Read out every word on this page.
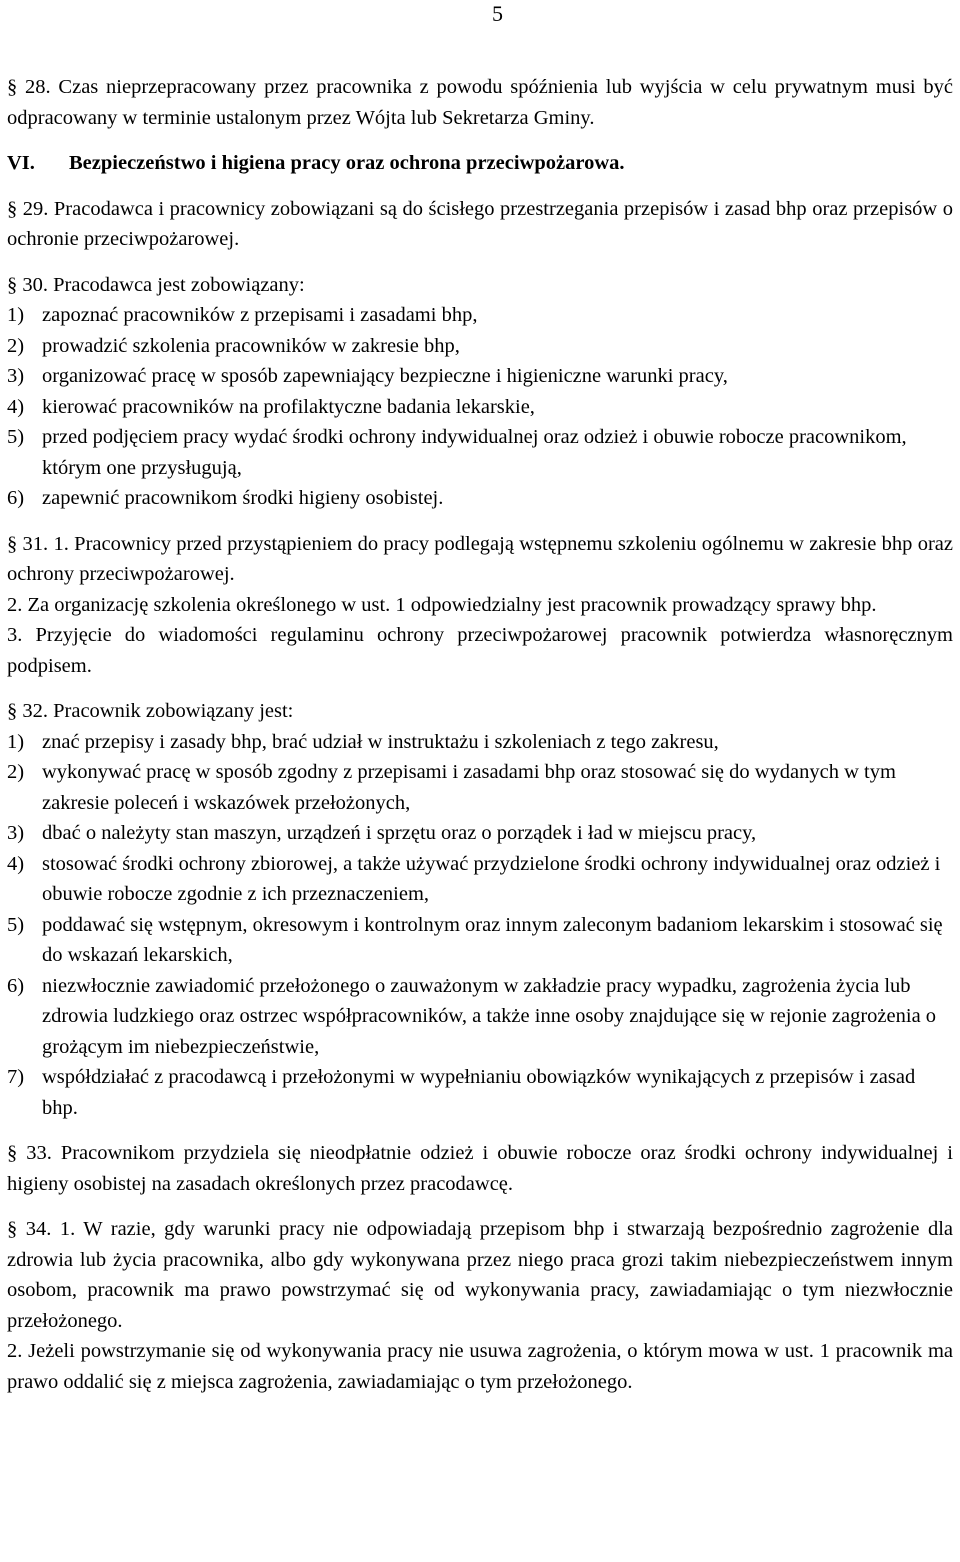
5

§ 28. Czas nieprzepracowany przez pracownika z powodu spóźnienia lub wyjścia w celu prywatnym musi być odpracowany w terminie ustalonym przez Wójta lub Sekretarza Gminy.

VI.	Bezpieczeństwo i higiena pracy oraz ochrona przeciwpożarowa.

§ 29. Pracodawca i pracownicy zobowiązani są do ścisłego przestrzegania przepisów i zasad bhp oraz przepisów o ochronie przeciwpożarowej.

§ 30. Pracodawca jest zobowiązany:

1) zapoznać pracowników z przepisami i zasadami bhp,
2) prowadzić szkolenia pracowników w zakresie bhp,
3) organizować pracę w sposób zapewniający bezpieczne i higieniczne warunki pracy,
4) kierować pracowników na profilaktyczne badania lekarskie,
5) przed podjęciem pracy wydać środki ochrony indywidualnej oraz odzież i obuwie robocze pracownikom, którym one przysługują,
6) zapewnić pracownikom środki higieny osobistej.

§ 31. 1. Pracownicy przed przystąpieniem do pracy podlegają wstępnemu szkoleniu ogólnemu w zakresie bhp oraz ochrony przeciwpożarowej.

2. Za organizację szkolenia określonego w ust. 1 odpowiedzialny jest pracownik prowadzący sprawy bhp.

3. Przyjęcie do wiadomości regulaminu ochrony przeciwpożarowej pracownik potwierdza własnoręcznym podpisem.

§ 32. Pracownik zobowiązany jest:

1) znać przepisy i zasady bhp, brać udział w instruktażu i szkoleniach z tego zakresu,
2) wykonywać pracę w sposób zgodny z przepisami i zasadami bhp oraz stosować się do wydanych w tym zakresie poleceń i wskazówek przełożonych,
3) dbać o należyty stan maszyn, urządzeń i sprzętu oraz o porządek i ład w miejscu pracy,
4) stosować środki ochrony zbiorowej, a także używać przydzielone środki ochrony indywidualnej oraz odzież i obuwie robocze zgodnie z ich przeznaczeniem,
5) poddawać się wstępnym, okresowym i kontrolnym oraz innym zaleconym badaniom lekarskim i stosować się do wskazań lekarskich,
6) niezwłocznie zawiadomić przełożonego o zauważonym w zakładzie pracy wypadku, zagrożenia życia lub zdrowia ludzkiego oraz ostrzec współpracowników, a także inne osoby znajdujące się w rejonie zagrożenia o grożącym im niebezpieczeństwie,
7) współdziałać z pracodawcą i przełożonymi w wypełnianiu obowiązków wynikających z przepisów i zasad bhp.

§ 33. Pracownikom przydziela się nieodpłatnie odzież i obuwie robocze oraz środki ochrony indywidualnej i higieny osobistej na zasadach określonych przez pracodawcę.

§ 34. 1. W razie, gdy warunki pracy nie odpowiadają przepisom bhp i stwarzają bezpośrednio zagrożenie dla zdrowia lub życia pracownika, albo gdy wykonywana przez niego praca grozi takim niebezpieczeństwem innym osobom, pracownik ma prawo powstrzymać się od wykonywania pracy, zawiadamiając o tym niezwłocznie przełożonego.

2. Jeżeli powstrzymanie się od wykonywania pracy nie usuwa zagrożenia, o którym mowa w ust. 1 pracownik ma prawo oddalić się z miejsca zagrożenia, zawiadamiając o tym przełożonego.
